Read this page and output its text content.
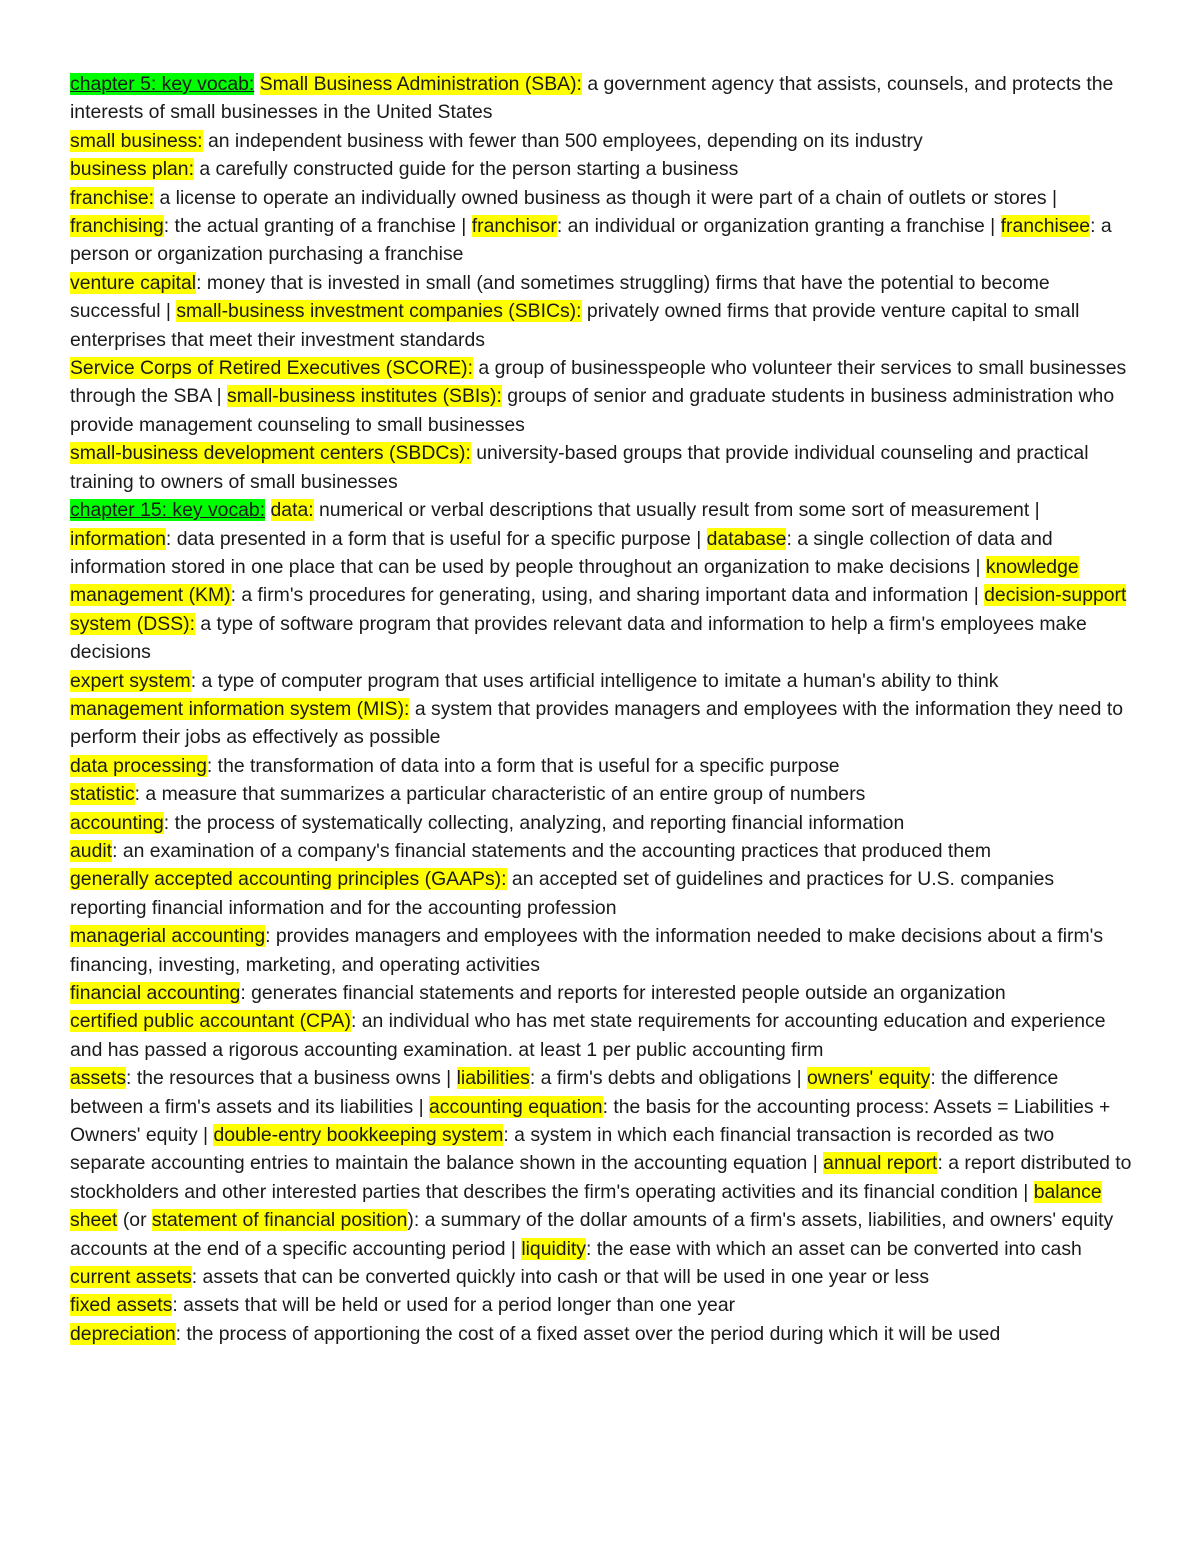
chapter 5: key vocab: Small Business Administration (SBA): a government agency that assists, counsels, and protects the interests of small businesses in the United States

small business: an independent business with fewer than 500 employees, depending on its industry

business plan: a carefully constructed guide for the person starting a business

franchise: a license to operate an individually owned business as though it were part of a chain of outlets or stores | franchising: the actual granting of a franchise | franchisor: an individual or organization granting a franchise | franchisee: a person or organization purchasing a franchise

venture capital: money that is invested in small (and sometimes struggling) firms that have the potential to become successful | small-business investment companies (SBICs): privately owned firms that provide venture capital to small enterprises that meet their investment standards

Service Corps of Retired Executives (SCORE): a group of businesspeople who volunteer their services to small businesses through the SBA | small-business institutes (SBIs): groups of senior and graduate students in business administration who provide management counseling to small businesses

small-business development centers (SBDCs): university-based groups that provide individual counseling and practical training to owners of small businesses

chapter 15: key vocab: data: numerical or verbal descriptions that usually result from some sort of measurement | information: data presented in a form that is useful for a specific purpose | database: a single collection of data and information stored in one place that can be used by people throughout an organization to make decisions | knowledge management (KM): a firm's procedures for generating, using, and sharing important data and information | decision-support system (DSS): a type of software program that provides relevant data and information to help a firm's employees make decisions

expert system: a type of computer program that uses artificial intelligence to imitate a human's ability to think

management information system (MIS): a system that provides managers and employees with the information they need to perform their jobs as effectively as possible

data processing: the transformation of data into a form that is useful for a specific purpose

statistic: a measure that summarizes a particular characteristic of an entire group of numbers

accounting: the process of systematically collecting, analyzing, and reporting financial information

audit: an examination of a company's financial statements and the accounting practices that produced them

generally accepted accounting principles (GAAPs): an accepted set of guidelines and practices for U.S. companies reporting financial information and for the accounting profession

managerial accounting: provides managers and employees with the information needed to make decisions about a firm's financing, investing, marketing, and operating activities

financial accounting: generates financial statements and reports for interested people outside an organization

certified public accountant (CPA): an individual who has met state requirements for accounting education and experience and has passed a rigorous accounting examination. at least 1 per public accounting firm

assets: the resources that a business owns | liabilities: a firm's debts and obligations | owners' equity: the difference between a firm's assets and its liabilities | accounting equation: the basis for the accounting process: Assets = Liabilities + Owners' equity | double-entry bookkeeping system: a system in which each financial transaction is recorded as two separate accounting entries to maintain the balance shown in the accounting equation | annual report: a report distributed to stockholders and other interested parties that describes the firm's operating activities and its financial condition | balance sheet (or statement of financial position): a summary of the dollar amounts of a firm's assets, liabilities, and owners' equity accounts at the end of a specific accounting period | liquidity: the ease with which an asset can be converted into cash

current assets: assets that can be converted quickly into cash or that will be used in one year or less

fixed assets: assets that will be held or used for a period longer than one year

depreciation: the process of apportioning the cost of a fixed asset over the period during which it will be used
